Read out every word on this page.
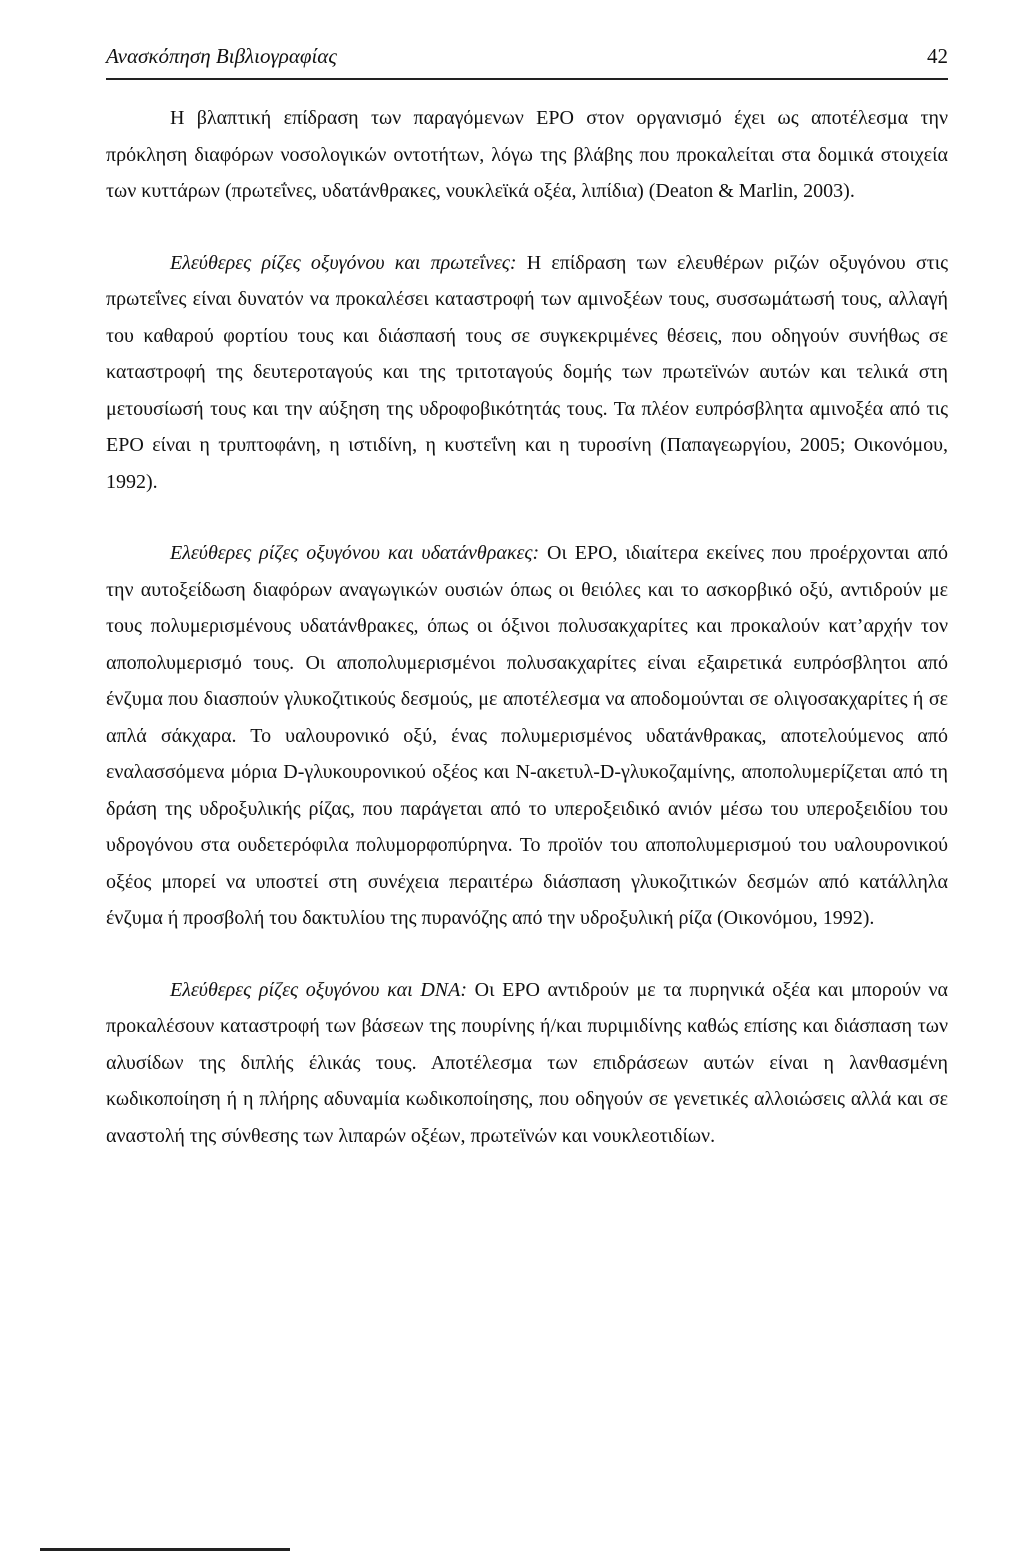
Ανασκόπηση Βιβλιογραφίας	42

Η βλαπτική επίδραση των παραγόμενων ΕΡΟ στον οργανισμό έχει ως αποτέλεσμα την πρόκληση διαφόρων νοσολογικών οντοτήτων, λόγω της βλάβης που προκαλείται στα δομικά στοιχεία των κυττάρων (πρωτεΐνες, υδατάνθρακες, νουκλεϊκά οξέα, λιπίδια) (Deaton & Marlin, 2003).

Ελεύθερες ρίζες οξυγόνου και πρωτεΐνες: Η επίδραση των ελευθέρων ριζών οξυγόνου στις πρωτεΐνες είναι δυνατόν να προκαλέσει καταστροφή των αμινοξέων τους, συσσωμάτωσή τους, αλλαγή του καθαρού φορτίου τους και διάσπασή τους σε συγκεκριμένες θέσεις, που οδηγούν συνήθως σε καταστροφή της δευτεροταγούς και της τριτοταγούς δομής των πρωτεϊνών αυτών και τελικά στη μετουσίωσή τους και την αύξηση της υδροφοβικότητάς τους. Τα πλέον ευπρόσβλητα αμινοξέα από τις ΕΡΟ είναι η τρυπτοφάνη, η ιστιδίνη, η κυστεΐνη και η τυροσίνη (Παπαγεωργίου, 2005; Οικονόμου, 1992).

Ελεύθερες ρίζες οξυγόνου και υδατάνθρακες: Οι ΕΡΟ, ιδιαίτερα εκείνες που προέρχονται από την αυτοξείδωση διαφόρων αναγωγικών ουσιών όπως οι θειόλες και το ασκορβικό οξύ, αντιδρούν με τους πολυμερισμένους υδατάνθρακες, όπως οι όξινοι πολυσακχαρίτες και προκαλούν κατ’αρχήν τον αποπολυμερισμό τους. Οι αποπολυμερισμένοι πολυσακχαρίτες είναι εξαιρετικά ευπρόσβλητοι από ένζυμα που διασπούν γλυκοζιτικούς δεσμούς, με αποτέλεσμα να αποδομούνται σε ολιγοσακχαρίτες ή σε απλά σάκχαρα. Το υαλουρονικό οξύ, ένας πολυμερισμένος υδατάνθρακας, αποτελούμενος από εναλασσόμενα μόρια D-γλυκουρονικού οξέος και Ν-ακετυλ-D-γλυκοζαμίνης, αποπολυμερίζεται από τη δράση της υδροξυλικής ρίζας, που παράγεται από το υπεροξειδικό ανιόν μέσω του υπεροξειδίου του υδρογόνου στα ουδετερόφιλα πολυμορφοπύρηνα. Το προϊόν του αποπολυμερισμού του υαλουρονικού οξέος μπορεί να υποστεί στη συνέχεια περαιτέρω διάσπαση γλυκοζιτικών δεσμών από κατάλληλα ένζυμα ή προσβολή του δακτυλίου της πυρανόζης από την υδροξυλική ρίζα (Οικονόμου, 1992).

Ελεύθερες ρίζες οξυγόνου και DNA: Οι ΕΡΟ αντιδρούν με τα πυρηνικά οξέα και μπορούν να προκαλέσουν καταστροφή των βάσεων της πουρίνης ή/και πυριμιδίνης καθώς επίσης και διάσπαση των αλυσίδων της διπλής έλικάς τους. Αποτέλεσμα των επιδράσεων αυτών είναι η λανθασμένη κωδικοποίηση ή η πλήρης αδυναμία κωδικοποίησης, που οδηγούν σε γενετικές αλλοιώσεις αλλά και σε αναστολή της σύνθεσης των λιπαρών οξέων, πρωτεϊνών και νουκλεοτιδίων.
